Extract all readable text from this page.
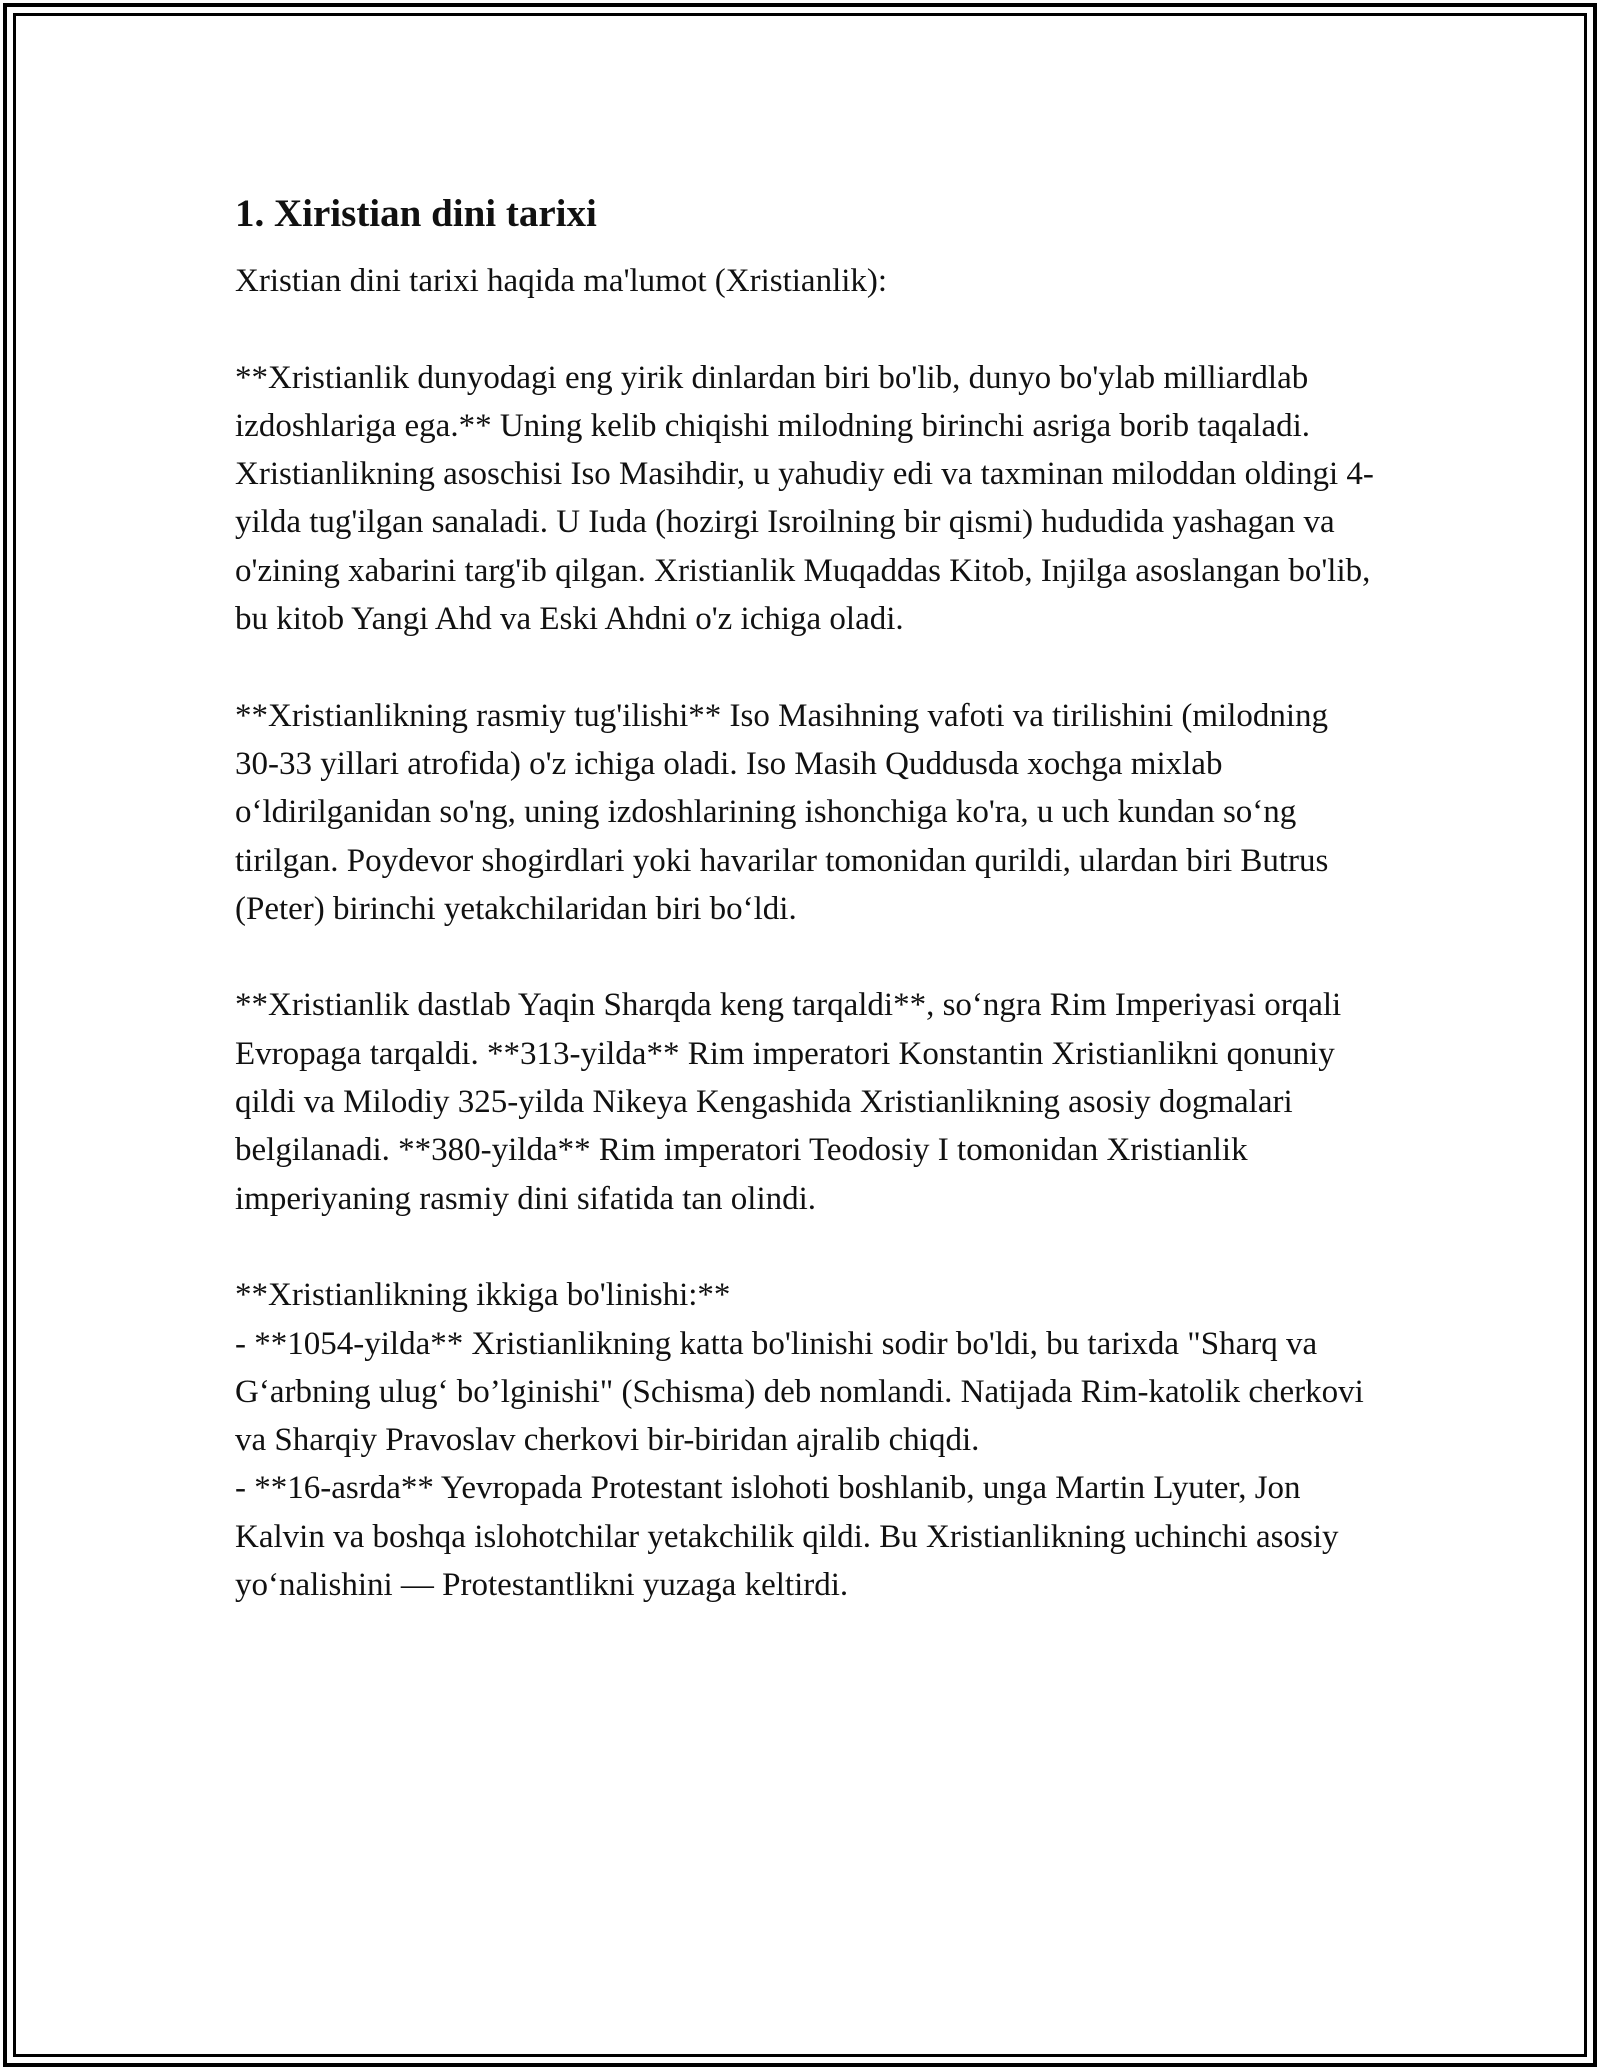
1. Xiristian dini tarixi

Xristian dini tarixi haqida ma'lumot (Xristianlik):

**Xristianlik dunyodagi eng yirik dinlardan biri bo'lib, dunyo bo'ylab milliardlab izdoshlariga ega.** Uning kelib chiqishi milodning birinchi asriga borib taqaladi. Xristianlikning asoschisi Iso Masihdir, u yahudiy edi va taxminan miloddan oldingi 4-yilda tug'ilgan sanaladi. U Iuda (hozirgi Isroilning bir qismi) hududida yashagan va o'zining xabarini targ'ib qilgan. Xristianlik Muqaddas Kitob, Injilga asoslangan bo'lib, bu kitob Yangi Ahd va Eski Ahdni o'z ichiga oladi.

**Xristianlikning rasmiy tug'ilishi** Iso Masihning vafoti va tirilishini (milodning 30-33 yillari atrofida) o'z ichiga oladi. Iso Masih Quddusda xochga mixlab o‘ldirilganidan so'ng, uning izdoshlarining ishonchiga ko'ra, u uch kundan so‘ng tirilgan. Poydevor shogirdlari yoki havarilar tomonidan qurildi, ulardan biri Butrus (Peter) birinchi yetakchilaridan biri bo‘ldi.

**Xristianlik dastlab Yaqin Sharqda keng tarqaldi**, so‘ngra Rim Imperiyasi orqali Evropaga tarqaldi. **313-yilda** Rim imperatori Konstantin Xristianlikni qonuniy qildi va Milodiy 325-yilda Nikeya Kengashida Xristianlikning asosiy dogmalari belgilanadi. **380-yilda** Rim imperatori Teodosiy I tomonidan Xristianlik imperiyaning rasmiy dini sifatida tan olindi.

**Xristianlikning ikkiga bo'linishi:**
- **1054-yilda** Xristianlikning katta bo'linishi sodir bo'ldi, bu tarixda "Sharq va G‘arbning ulug‘ bo’lginishi" (Schisma) deb nomlandi. Natijada Rim-katolik cherkovi va Sharqiy Pravoslav cherkovi bir-biridan ajralib chiqdi.
- **16-asrda** Yevropada Protestant islohoti boshlanib, unga Martin Lyuter, Jon Kalvin va boshqa islohotchilar yetakchilik qildi. Bu Xristianlikning uchinchi asosiy yo‘nalishini — Protestantlikni yuzaga keltirdi.
